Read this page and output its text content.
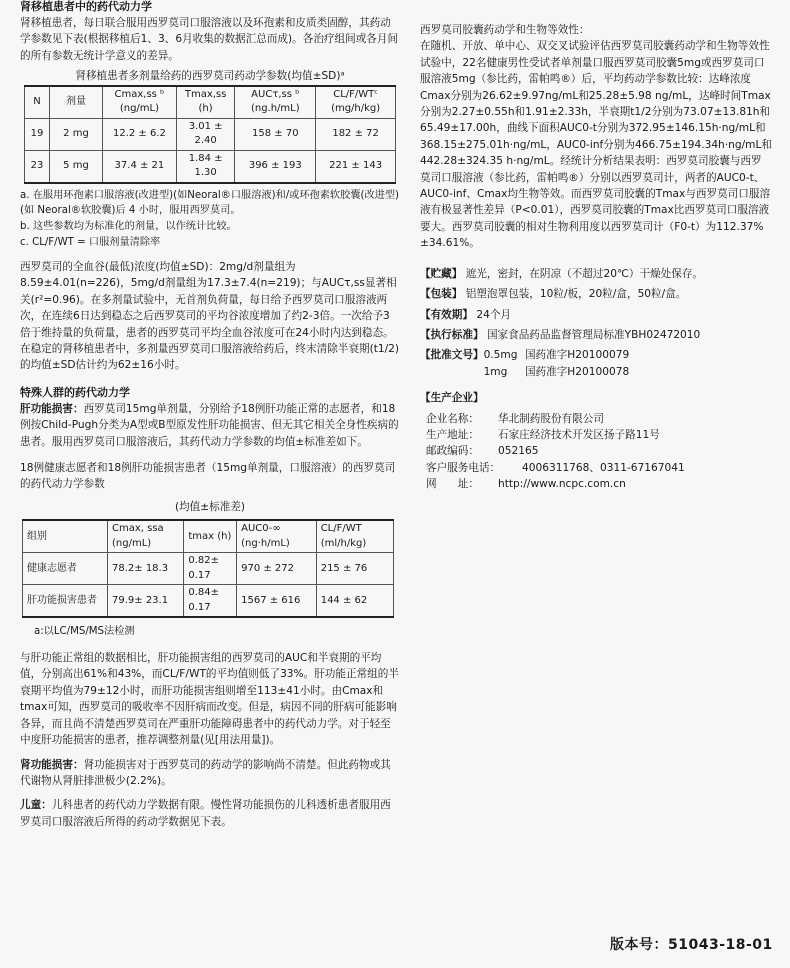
肾移植患者中的药代动力学

肾移植患者，每日联合服用西罗莫司口服溶液以及环孢素和皮质类固醇，其药动学参数见下表(根据移植后1、3、6月收集的数据汇总而成)。各治疗组间或各月间的所有参数无统计学意义的差异。

肾移植患者多剂量给药的西罗莫司药动学参数(均值±SD)ᵃ

N	剂量	Cmax,ss ᵇ (ng/mL)	Tmax,ss (h)	AUCτ,ss ᵇ (ng.h/mL)	CL/F/WTᶜ (mg/h/kg)
19	2 mg	12.2 ± 6.2	3.01 ± 2.40	158 ± 70	182 ± 72
23	5 mg	37.4 ± 21	1.84 ± 1.30	396 ± 193	221 ± 143

a. 在服用环孢素口服溶液(改进型)(如Neoral®口服溶液)和/或环孢素软胶囊(改进型)(如 Neoral®软胶囊)后 4 小时，服用西罗莫司。

b. 这些参数均为标准化的剂量，以作统计比较。

c. CL/F/WT = 口服剂量清除率

西罗莫司的全血谷(最低)浓度(均值±SD)：2mg/d剂量组为8.59±4.01(n=226)，5mg/d剂量组为17.3±7.4(n=219)；与AUCτ,ss显著相关(r²=0.96)。在多剂量试验中，无首剂负荷量，每日给予西罗莫司口服溶液两次，在连续6日达到稳态之后西罗莫司的平均谷浓度增加了约2-3倍。一次给予3倍于维持量的负荷量，患者的西罗莫司平均全血谷浓度可在24小时内达到稳态。在稳定的肾移植患者中，多剂量西罗莫司口服溶液给药后，终末清除半衰期(t1/2)的均值±SD估计约为62±16小时。

特殊人群的药代动力学

肝功能损害：西罗莫司15mg单剂量，分别给予18例肝功能正常的志愿者，和18例按Child-Pugh分类为A型或B型原发性肝功能损害、但无其它相关全身性疾病的患者。服用西罗莫司口服溶液后，其药代动力学参数的均值±标准差如下。

18例健康志愿者和18例肝功能损害患者（15mg单剂量，口服溶液）的西罗莫司的药代动力学参数

(均值±标准差)

组别	Cmax, ssa (ng/mL)	tmax (h)	AUC0-∞ (ng·h/mL)	CL/F/WT (ml/h/kg)
健康志愿者	78.2± 18.3	0.82± 0.17	970 ± 272	215 ± 76
肝功能损害患者	79.9± 23.1	0.84± 0.17	1567 ± 616	144 ± 62

a:以LC/MS/MS法检测

与肝功能正常组的数据相比，肝功能损害组的西罗莫司的AUC和半衰期的平均值，分别高出61%和43%，而CL/F/WT的平均值则低了33%。肝功能正常组的半衰期平均值为79±12小时，而肝功能损害组则增至113±41小时。由Cmax和tmax可知，西罗莫司的吸收率不因肝病而改变。但是，病因不同的肝病可能影响各异，而且尚不清楚西罗莫司在严重肝功能障碍患者中的药代动力学。对于轻至中度肝功能损害的患者，推荐调整剂量(见[用法用量])。

肾功能损害：肾功能损害对于西罗莫司的药动学的影响尚不清楚。但此药物或其代谢物从肾脏排泄极少(2.2%)。

儿童：儿科患者的药代动力学数据有限。慢性肾功能损伤的儿科透析患者服用西罗莫司口服溶液后所得的药动学数据见下表。

西罗莫司胶囊药动学和生物等效性：

在随机、开放、单中心、双交叉试验评估西罗莫司胶囊药动学和生物等效性试验中，22名健康男性受试者单剂量口服西罗莫司胶囊5mg或西罗莫司口服溶液5mg（参比药，雷帕鸣®）后，平均药动学参数比较：达峰浓度Cmax分别为26.62±9.97ng/mL和25.28±5.98 ng/mL，达峰时间Tmax分别为2.27±0.55h和1.91±2.33h，半衰期t1/2分别为73.07±13.81h和65.49±17.00h，曲线下面积AUC0-t分别为372.95±146.15h·ng/mL和368.15±275.01h·ng/mL，AUC0-inf分别为466.75±194.34h·ng/mL和442.28±324.35 h·ng/mL。经统计分析结果表明：西罗莫司胶囊与西罗莫司口服溶液（参比药，雷帕鸣®）分别以西罗莫司计，两者的AUC0-t、AUC0-inf、Cmax均生物等效。而西罗莫司胶囊的Tmax与西罗莫司口服溶液有极显著性差异（P<0.01），西罗莫司胶囊的Tmax比西罗莫司口服溶液要大。西罗莫司胶囊的相对生物利用度以西罗莫司计（F0-t）为112.37%±34.61%。

【贮藏】 遮光，密封，在阴凉（不超过20℃）干燥处保存。

【包装】 铝塑泡罩包装，10粒/板，20粒/盒，50粒/盒。

【有效期】 24个月

【执行标准】 国家食品药品监督管理局标准YBH02472010

【批准文号】 0.5mg 国药准字H20100079
1mg 国药准字H20100078

【生产企业】

企业名称：	华北制药股份有限公司
生产地址：	石家庄经济技术开发区扬子路11号
邮政编码：	052165
客户服务电话：	4006311768、0311-67167041
网　　址：	http://www.ncpc.com.cn
版本号：51043-18-01
